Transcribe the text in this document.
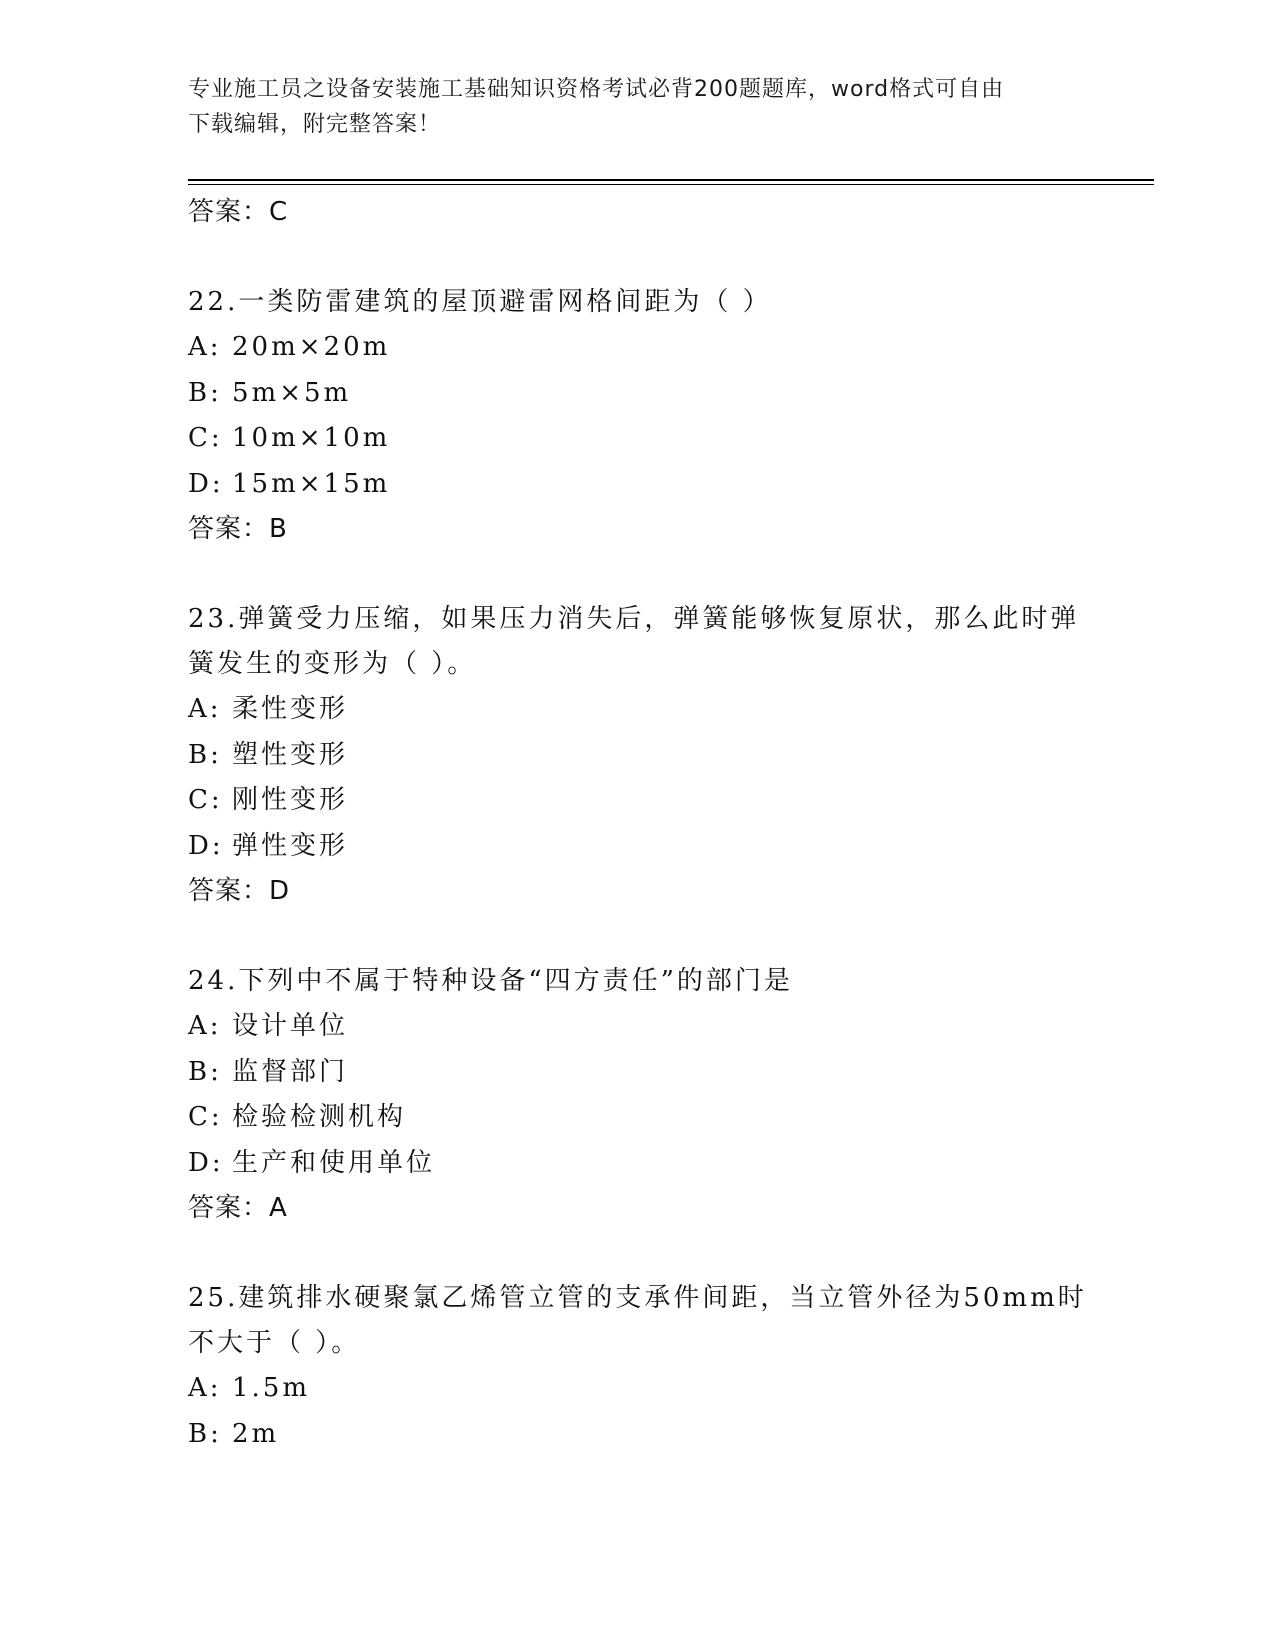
专业施工员之设备安装施工基础知识资格考试必背200题题库，word格式可自由
下载编辑，附完整答案！
答案：C
22.一类防雷建筑的屋顶避雷网格间距为（ ）
A: 20m×20m
B: 5m×5m
C: 10m×10m
D: 15m×15m
答案：B
23.弹簧受力压缩，如果压力消失后，弹簧能够恢复原状，那么此时弹
簧发生的变形为（ ）。
A: 柔性变形
B: 塑性变形
C: 刚性变形
D: 弹性变形
答案：D
24.下列中不属于特种设备“四方责任”的部门是
A: 设计单位
B: 监督部门
C: 检验检测机构
D: 生产和使用单位
答案：A
25.建筑排水硬聚氯乙烯管立管的支承件间距，当立管外径为50mm时
不大于（ ）。
A: 1.5m
B: 2m
